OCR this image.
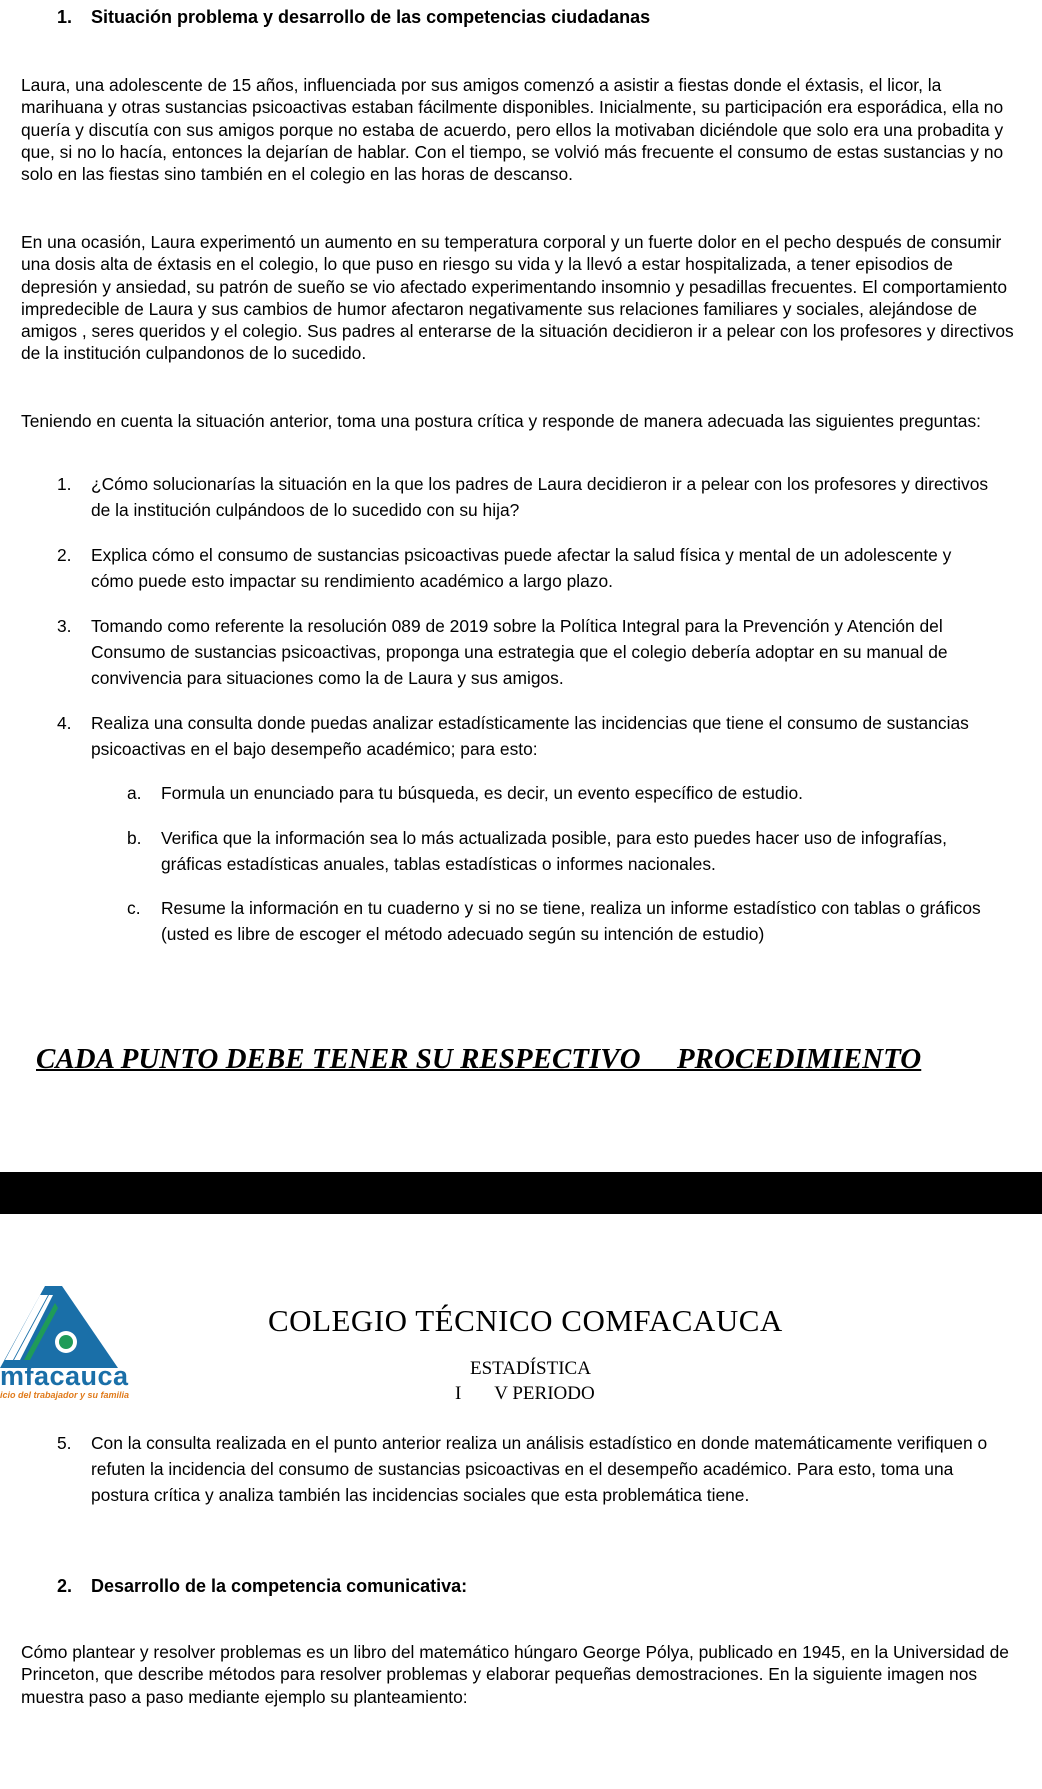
1. Situación problema y desarrollo de las competencias ciudadanas

Laura, una adolescente de 15 años, influenciada por sus amigos comenzó a asistir a fiestas donde el éxtasis, el licor, la marihuana y otras sustancias psicoactivas estaban fácilmente disponibles. Inicialmente, su participación era esporádica, ella no quería y discutía con sus amigos porque no estaba de acuerdo, pero ellos la motivaban diciéndole que solo era una probadita y que, si no lo hacía, entonces la dejarían de hablar. Con el tiempo, se volvió más frecuente el consumo de estas sustancias y no solo en las fiestas sino también en el colegio en las horas de descanso.

En una ocasión, Laura experimentó un aumento en su temperatura corporal y un fuerte dolor en el pecho después de consumir una dosis alta de éxtasis en el colegio, lo que puso en riesgo su vida y la llevó a estar hospitalizada, a tener episodios de depresión y ansiedad, su patrón de sueño se vio afectado experimentando insomnio y pesadillas frecuentes. El comportamiento impredecible de Laura y sus cambios de humor afectaron negativamente sus relaciones familiares y sociales, alejándose de amigos , seres queridos y el colegio. Sus padres al enterarse de la situación decidieron ir a pelear con los profesores y directivos de la institución culpandonos de lo sucedido.

Teniendo en cuenta la situación anterior, toma una postura crítica y responde de manera adecuada las siguientes preguntas:

1.	¿Cómo solucionarías la situación en la que los padres de Laura decidieron ir a pelear con los profesores y directivos de la institución culpándoos de lo sucedido con su hija?
2.	Explica cómo el consumo de sustancias psicoactivas puede afectar la salud física y mental de un adolescente y cómo puede esto impactar su rendimiento académico a largo plazo.
3.	Tomando como referente la resolución 089 de 2019 sobre la Política Integral para la Prevención y Atención del Consumo de sustancias psicoactivas, proponga una estrategia que el colegio debería adoptar en su manual de convivencia para situaciones como la de Laura y sus amigos.
4.	Realiza una consulta donde puedas analizar estadísticamente las incidencias que tiene el consumo de sustancias psicoactivas en el bajo desempeño académico; para esto:
a.	Formula un enunciado para tu búsqueda, es decir, un evento específico de estudio.
b.	Verifica que la información sea lo más actualizada posible, para esto puedes hacer uso de infografías, gráficas estadísticas anuales, tablas estadísticas o informes nacionales.
c.	Resume la información en tu cuaderno y si no se tiene, realiza un informe estadístico con tablas o gráficos (usted es libre de escoger el método adecuado según su intención de estudio)
CADA PUNTO DEBE TENER SU RESPECTIVO     PROCEDIMIENTO
mfacauca
icio del trabajador y su familia
COLEGIO TÉCNICO COMFACAUCA
ESTADÍSTICA
I       V PERIODO
5.	Con la consulta realizada en el punto anterior realiza un análisis estadístico en donde matemáticamente verifiquen o refuten la incidencia del consumo de sustancias psicoactivas en el desempeño académico. Para esto, toma una postura crítica y analiza también las incidencias sociales que esta problemática tiene.
2. Desarrollo de la competencia comunicativa:

Cómo plantear y resolver problemas es un libro del matemático húngaro George Pólya, publicado en 1945, en la Universidad de Princeton, que describe métodos para resolver problemas y elaborar pequeñas demostraciones. En la siguiente imagen nos muestra paso a paso mediante ejemplo su planteamiento:
